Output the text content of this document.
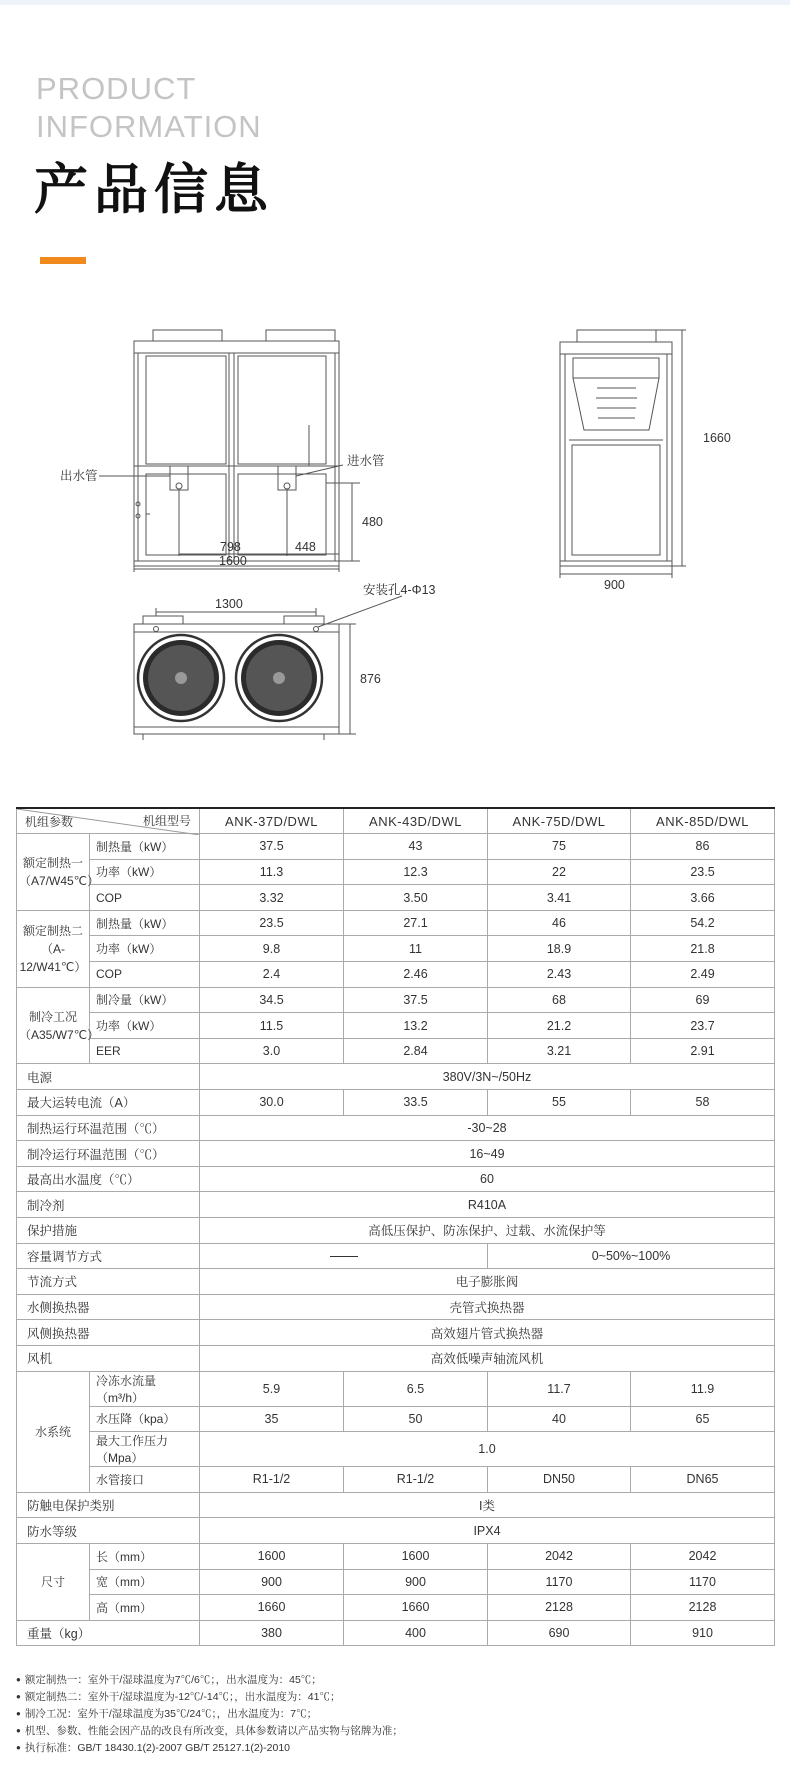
PRODUCT
INFORMATION
产品信息
出水管
进水管
480
798	448
1600
1660
900
1300
安装孔4-Φ13
876
机组型号
机组参数		ANK-37D/DWL	ANK-43D/DWL	ANK-75D/DWL	ANK-85D/DWL

额定制热一
（A7/W45℃）	制热量（kW）	37.5	43	75	86
	功率（kW）	11.3	12.3	22	23.5
	COP	3.32	3.50	3.41	3.66

额定制热二
（A-12/W41℃）	制热量（kW）	23.5	27.1	46	54.2
	功率（kW）	9.8	11	18.9	21.8
	COP	2.4	2.46	2.43	2.49

制冷工况
（A35/W7℃）	制冷量（kW）	34.5	37.5	68	69
	功率（kW）	11.5	13.2	21.2	23.7
	EER	3.0	2.84	3.21	2.91
电源		380V/3N~/50Hz			
最大运转电流（A）		30.0	33.5	55	58
制热运行环温范围（℃）		-30~28			
制冷运行环温范围（℃）		16~49			
最高出水温度（℃）		60			
制冷剂		R410A			
保护措施		高低压保护、防冻保护、过载、水流保护等			
容量调节方式				0~50%~100%	
节流方式		电子膨胀阀			
水侧换热器		壳管式换热器			
风侧换热器		高效翅片管式换热器			
风机		高效低噪声轴流风机			
水系统	冷冻水流量（m³/h）	5.9	6.5	11.7	11.9
	水压降（kpa）	35	50	40	65
	最大工作压力（Mpa）	1.0			
	水管接口	R1-1/2	R1-1/2	DN50	DN65
防触电保护类别		I类			
防水等级		IPX4			
尺寸	长（mm）	1600	1600	2042	2042
	宽（mm）	900	900	1170	1170
	高（mm）	1660	1660	2128	2128
重量（kg）		380	400	690	910
● 额定制热一：室外干/湿球温度为7℃/6℃；，出水温度为：45℃；
● 额定制热二：室外干/湿球温度为-12℃/-14℃；，出水温度为：41℃；
● 制冷工况：室外干/湿球温度为35℃/24℃；，出水温度为：7℃；
● 机型、参数、性能会因产品的改良有所改变，具体参数请以产品实物与铭牌为准；
● 执行标准：GB/T 18430.1(2)-2007 GB/T 25127.1(2)-2010
